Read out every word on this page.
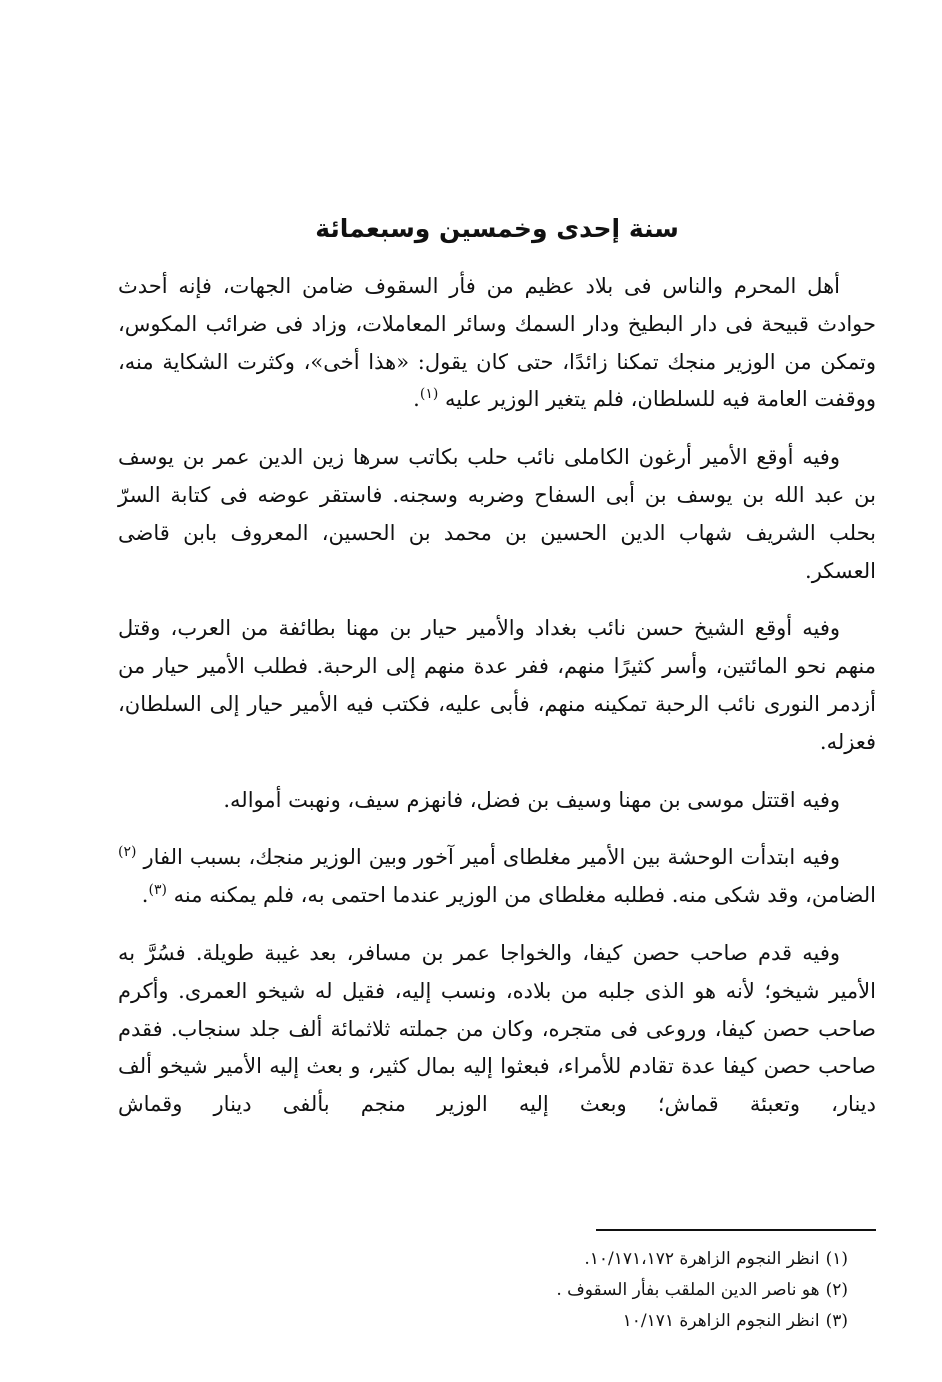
سنة إحدى وخمسين وسبعمائة

أهل المحرم والناس فى بلاد عظيم من فأر السقوف ضامن الجهات، فإنه أحدث حوادث قبيحة فى دار البطيخ ودار السمك وسائر المعاملات، وزاد فى ضرائب المكوس، وتمكن من الوزير منجك تمكنا زائدًا، حتى كان يقول: «هذا أخى»، وكثرت الشكاية منه، ووقفت العامة فيه للسلطان، فلم يتغير الوزير عليه $^{(١)}$.

وفيه أوقع الأمير أرغون الكاملى نائب حلب بكاتب سرها زين الدين عمر بن يوسف بن عبد الله بن يوسف بن أبى السفاح وضربه وسجنه. فاستقر عوضه فى كتابة السرّ بحلب الشريف شهاب الدين الحسين بن محمد بن الحسين، المعروف بابن قاضى العسكر.

وفيه أوقع الشيخ حسن نائب بغداد والأمير حيار بن مهنا بطائفة من العرب، وقتل منهم نحو المائتين، وأسر كثيرًا منهم، ففر عدة منهم إلى الرحبة. فطلب الأمير حيار من أزدمر النورى نائب الرحبة تمكينه منهم، فأبى عليه، فكتب فيه الأمير حيار إلى السلطان، فعزله.

وفيه اقتتل موسى بن مهنا وسيف بن فضل، فانهزم سيف، ونهبت أمواله.

وفيه ابتدأت الوحشة بين الأمير مغلطاى أمير آخور وبين الوزير منجك، بسبب الفار $^{(٢)}$ الضامن، وقد شكى منه. فطلبه مغلطاى من الوزير عندما احتمى به، فلم يمكنه منه $^{(٣)}$.

وفيه قدم صاحب حصن كيفا، والخواجا عمر بن مسافر، بعد غيبة طويلة. فسُرَّ به الأمير شيخو؛ لأنه هو الذى جلبه من بلاده، ونسب إليه، فقيل له شيخو العمرى. وأكرم صاحب حصن كيفا، وروعى فى متجره، وكان من جملته ثلاثمائة ألف جلد سنجاب. فقدم صاحب حصن كيفا عدة تقادم للأمراء، فبعثوا إليه بمال كثير، و بعث إليه الأمير شيخو ألف دينار، وتعبئة قماش؛ وبعث إليه الوزير منجم بألفى دينار وقماش

(١)انظر النجوم الزاهرة ١٠/١٧١،١٧٢.

(٢)هو ناصر الدين الملقب بفأر السقوف .

(٣)انظر النجوم الزاهرة ١٠/١٧١
